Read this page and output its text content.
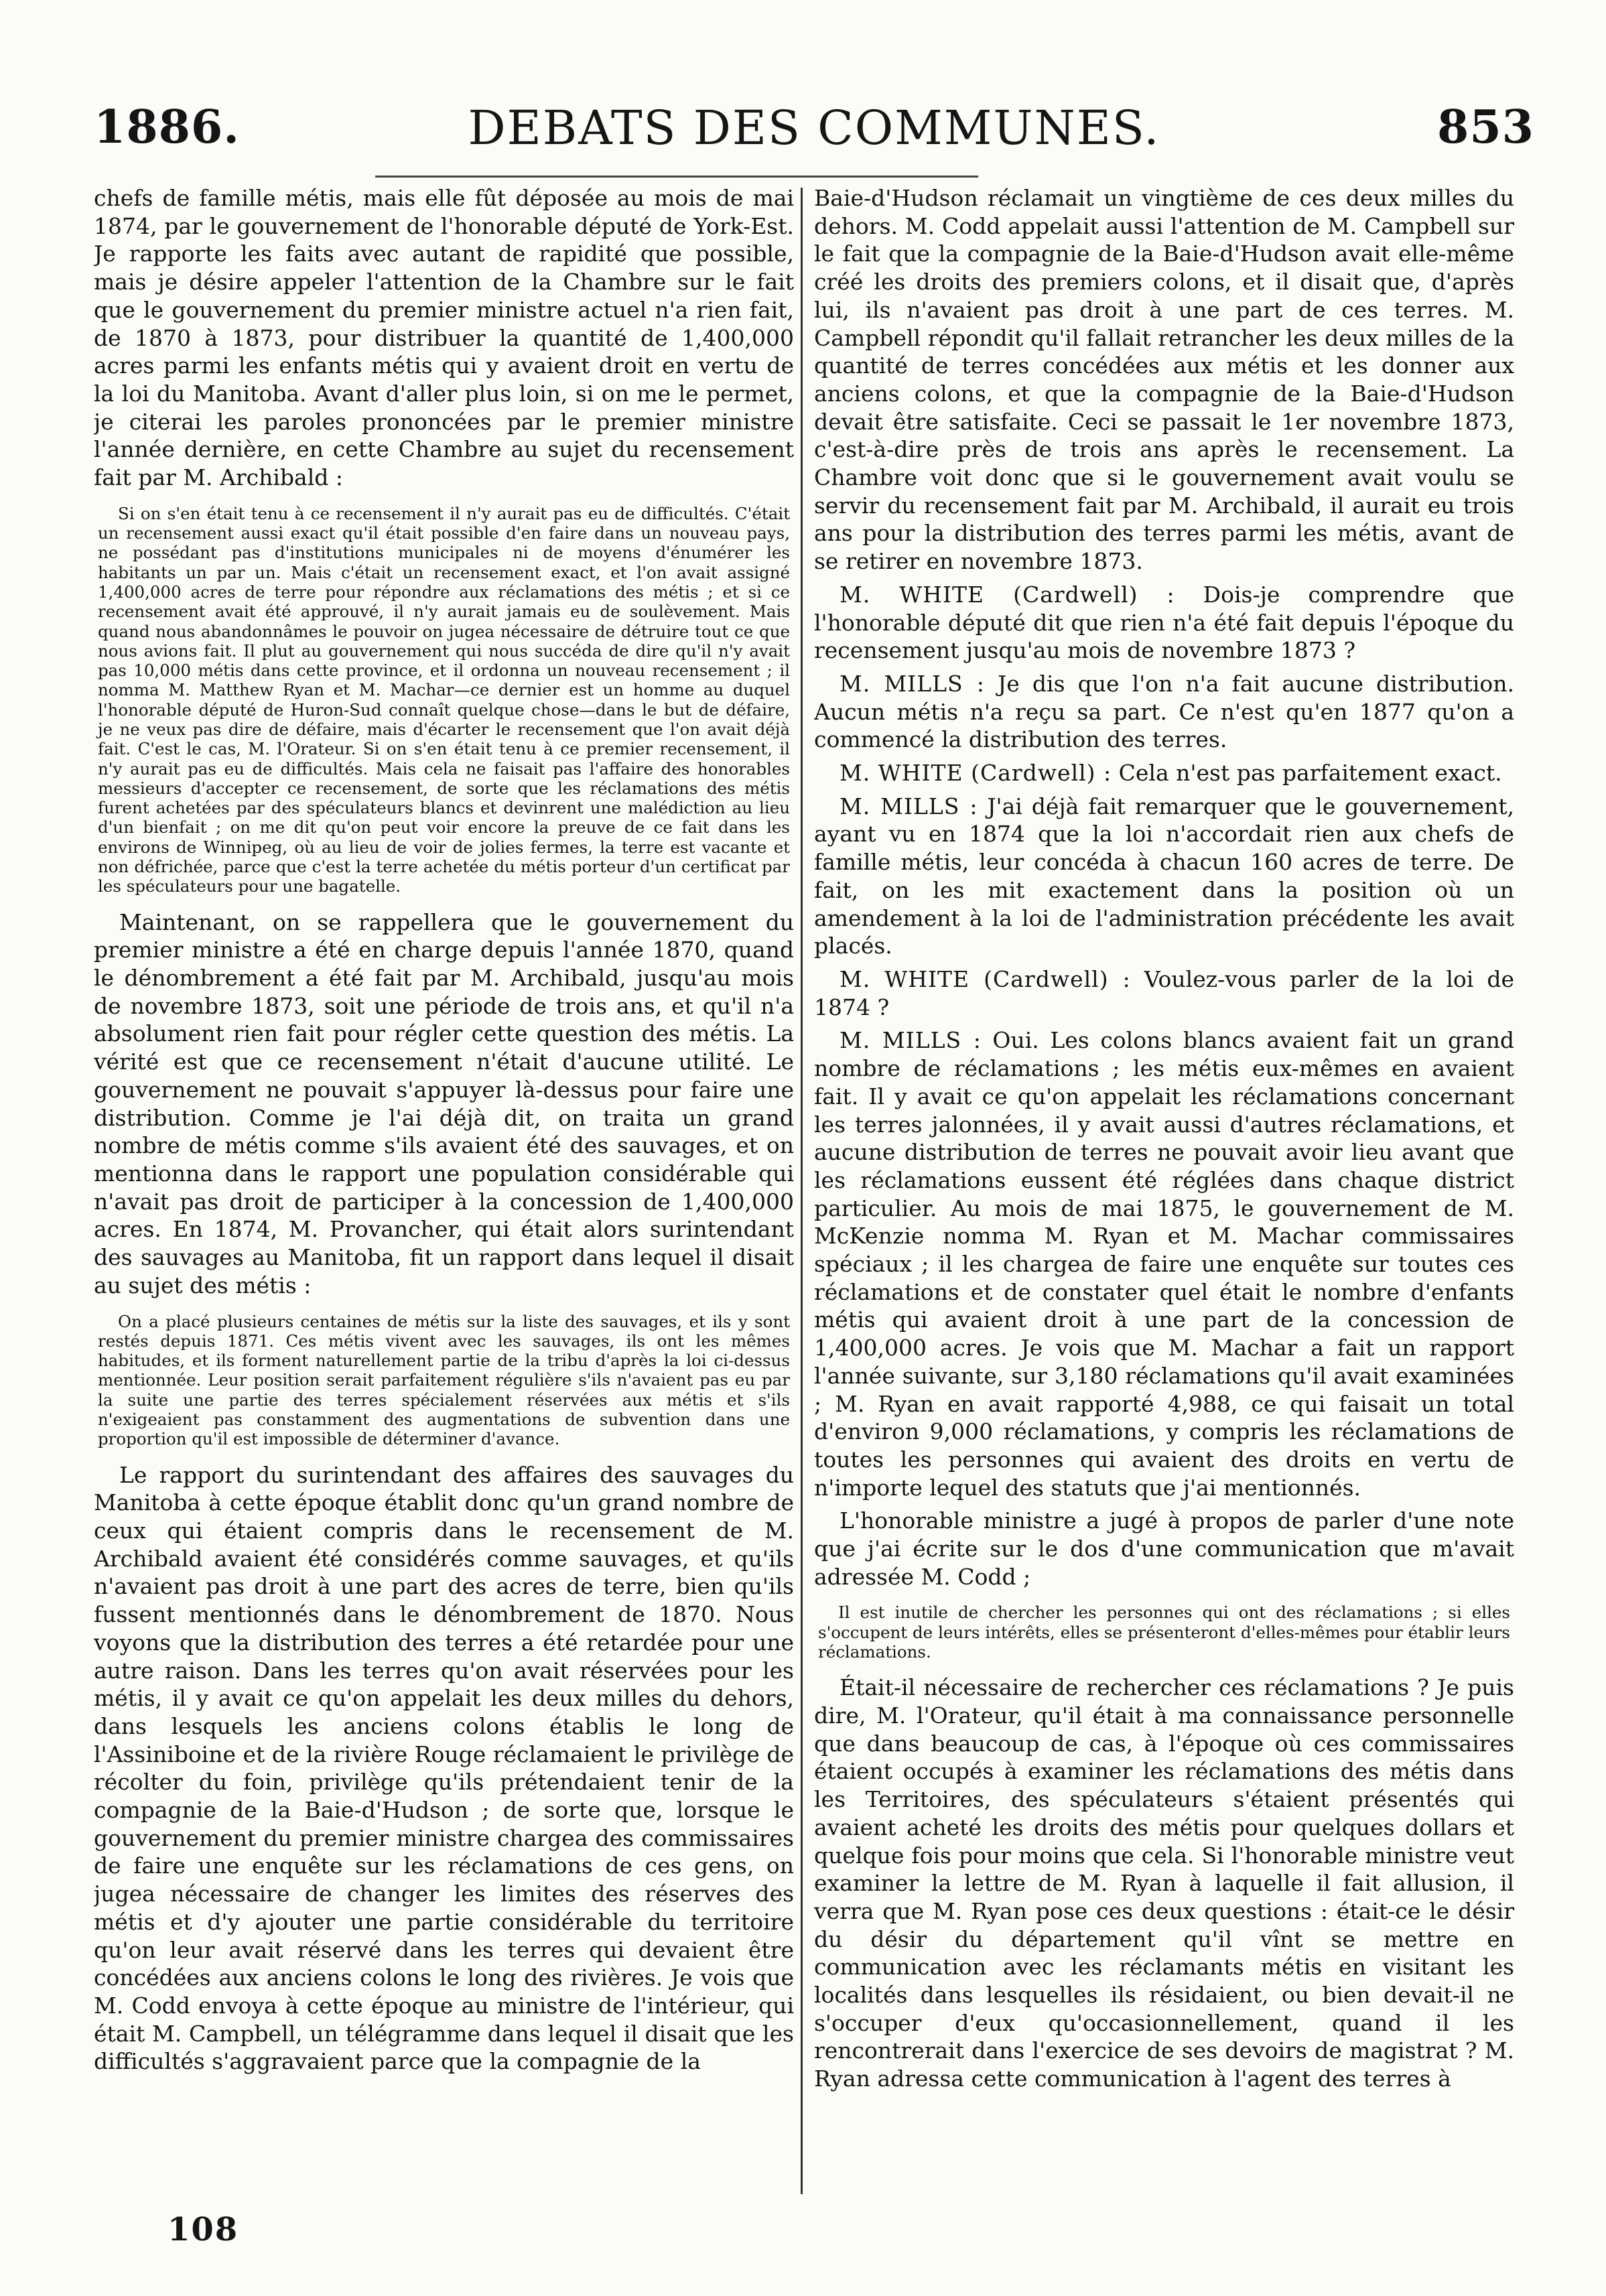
1886.	DEBATS DES COMMUNES.	853

chefs de famille métis, mais elle fût déposée au mois de mai 1874, par le gouvernement de l'honorable député de York-Est. Je rapporte les faits avec autant de rapidité que possible, mais je désire appeler l'attention de la Chambre sur le fait que le gouvernement du premier ministre actuel n'a rien fait, de 1870 à 1873, pour distribuer la quantité de 1,400,000 acres parmi les enfants métis qui y avaient droit en vertu de la loi du Manitoba. Avant d'aller plus loin, si on me le permet, je citerai les paroles prononcées par le premier ministre l'année dernière, en cette Chambre au sujet du recensement fait par M. Archibald :

Si on s'en était tenu à ce recensement il n'y aurait pas eu de difficultés. C'était un recensement aussi exact qu'il était possible d'en faire dans un nouveau pays, ne possédant pas d'institutions municipales ni de moyens d'énumérer les habitants un par un. Mais c'était un recensement exact, et l'on avait assigné 1,400,000 acres de terre pour répondre aux réclamations des métis ; et si ce recensement avait été approuvé, il n'y aurait jamais eu de soulèvement. Mais quand nous abandonnâmes le pouvoir on jugea nécessaire de détruire tout ce que nous avions fait. Il plut au gouvernement qui nous succéda de dire qu'il n'y avait pas 10,000 métis dans cette province, et il ordonna un nouveau recensement ; il nomma M. Matthew Ryan et M. Machar—ce dernier est un homme au duquel l'honorable député de Huron-Sud connaît quelque chose—dans le but de défaire, je ne veux pas dire de défaire, mais d'écarter le recensement que l'on avait déjà fait. C'est le cas, M. l'Orateur. Si on s'en était tenu à ce premier recensement, il n'y aurait pas eu de difficultés. Mais cela ne faisait pas l'affaire des honorables messieurs d'accepter ce recensement, de sorte que les réclamations des métis furent achetées par des spéculateurs blancs et devinrent une malédiction au lieu d'un bienfait ; on me dit qu'on peut voir encore la preuve de ce fait dans les environs de Winnipeg, où au lieu de voir de jolies fermes, la terre est vacante et non défrichée, parce que c'est la terre achetée du métis porteur d'un certificat par les spéculateurs pour une bagatelle.

Maintenant, on se rappellera que le gouvernement du premier ministre a été en charge depuis l'année 1870, quand le dénombrement a été fait par M. Archibald, jusqu'au mois de novembre 1873, soit une période de trois ans, et qu'il n'a absolument rien fait pour régler cette question des métis. La vérité est que ce recensement n'était d'aucune utilité. Le gouvernement ne pouvait s'appuyer là-dessus pour faire une distribution. Comme je l'ai déjà dit, on traita un grand nombre de métis comme s'ils avaient été des sauvages, et on mentionna dans le rapport une population considérable qui n'avait pas droit de participer à la concession de 1,400,000 acres. En 1874, M. Provancher, qui était alors surintendant des sauvages au Manitoba, fit un rapport dans lequel il disait au sujet des métis :

On a placé plusieurs centaines de métis sur la liste des sauvages, et ils y sont restés depuis 1871. Ces métis vivent avec les sauvages, ils ont les mêmes habitudes, et ils forment naturellement partie de la tribu d'après la loi ci-dessus mentionnée. Leur position serait parfaitement régulière s'ils n'avaient pas eu par la suite une partie des terres spécialement réservées aux métis et s'ils n'exigeaient pas constamment des augmentations de subvention dans une proportion qu'il est impossible de déterminer d'avance.

Le rapport du surintendant des affaires des sauvages du Manitoba à cette époque établit donc qu'un grand nombre de ceux qui étaient compris dans le recensement de M. Archibald avaient été considérés comme sauvages, et qu'ils n'avaient pas droit à une part des acres de terre, bien qu'ils fussent mentionnés dans le dénombrement de 1870. Nous voyons que la distribution des terres a été retardée pour une autre raison. Dans les terres qu'on avait réservées pour les métis, il y avait ce qu'on appelait les deux milles du dehors, dans lesquels les anciens colons établis le long de l'Assiniboine et de la rivière Rouge réclamaient le privilège de récolter du foin, privilège qu'ils prétendaient tenir de la compagnie de la Baie-d'Hudson ; de sorte que, lorsque le gouvernement du premier ministre chargea des commissaires de faire une enquête sur les réclamations de ces gens, on jugea nécessaire de changer les limites des réserves des métis et d'y ajouter une partie considérable du territoire qu'on leur avait réservé dans les terres qui devaient être concédées aux anciens colons le long des rivières. Je vois que M. Codd envoya à cette époque au ministre de l'intérieur, qui était M. Campbell, un télégramme dans lequel il disait que les difficultés s'aggravaient parce que la compagnie de la

Baie-d'Hudson réclamait un vingtième de ces deux milles du dehors. M. Codd appelait aussi l'attention de M. Campbell sur le fait que la compagnie de la Baie-d'Hudson avait elle-même créé les droits des premiers colons, et il disait que, d'après lui, ils n'avaient pas droit à une part de ces terres. M. Campbell répondit qu'il fallait retrancher les deux milles de la quantité de terres concédées aux métis et les donner aux anciens colons, et que la compagnie de la Baie-d'Hudson devait être satisfaite. Ceci se passait le 1er novembre 1873, c'est-à-dire près de trois ans après le recensement. La Chambre voit donc que si le gouvernement avait voulu se servir du recensement fait par M. Archibald, il aurait eu trois ans pour la distribution des terres parmi les métis, avant de se retirer en novembre 1873.

M. WHITE (Cardwell) : Dois-je comprendre que l'honorable député dit que rien n'a été fait depuis l'époque du recensement jusqu'au mois de novembre 1873 ?

M. MILLS : Je dis que l'on n'a fait aucune distribution. Aucun métis n'a reçu sa part. Ce n'est qu'en 1877 qu'on a commencé la distribution des terres.

M. WHITE (Cardwell) : Cela n'est pas parfaitement exact.

M. MILLS : J'ai déjà fait remarquer que le gouvernement, ayant vu en 1874 que la loi n'accordait rien aux chefs de famille métis, leur concéda à chacun 160 acres de terre. De fait, on les mit exactement dans la position où un amendement à la loi de l'administration précédente les avait placés.

M. WHITE (Cardwell) : Voulez-vous parler de la loi de 1874 ?

M. MILLS : Oui. Les colons blancs avaient fait un grand nombre de réclamations ; les métis eux-mêmes en avaient fait. Il y avait ce qu'on appelait les réclamations concernant les terres jalonnées, il y avait aussi d'autres réclamations, et aucune distribution de terres ne pouvait avoir lieu avant que les réclamations eussent été réglées dans chaque district particulier. Au mois de mai 1875, le gouvernement de M. McKenzie nomma M. Ryan et M. Machar commissaires spéciaux ; il les chargea de faire une enquête sur toutes ces réclamations et de constater quel était le nombre d'enfants métis qui avaient droit à une part de la concession de 1,400,000 acres. Je vois que M. Machar a fait un rapport l'année suivante, sur 3,180 réclamations qu'il avait examinées ; M. Ryan en avait rapporté 4,988, ce qui faisait un total d'environ 9,000 réclamations, y compris les réclamations de toutes les personnes qui avaient des droits en vertu de n'importe lequel des statuts que j'ai mentionnés.

L'honorable ministre a jugé à propos de parler d'une note que j'ai écrite sur le dos d'une communication que m'avait adressée M. Codd ;

Il est inutile de chercher les personnes qui ont des réclamations ; si elles s'occupent de leurs intérêts, elles se présenteront d'elles-mêmes pour établir leurs réclamations.

Était-il nécessaire de rechercher ces réclamations ? Je puis dire, M. l'Orateur, qu'il était à ma connaissance personnelle que dans beaucoup de cas, à l'époque où ces commissaires étaient occupés à examiner les réclamations des métis dans les Territoires, des spéculateurs s'étaient présentés qui avaient acheté les droits des métis pour quelques dollars et quelque fois pour moins que cela. Si l'honorable ministre veut examiner la lettre de M. Ryan à laquelle il fait allusion, il verra que M. Ryan pose ces deux questions : était-ce le désir du désir du département qu'il vînt se mettre en communication avec les réclamants métis en visitant les localités dans lesquelles ils résidaient, ou bien devait-il ne s'occuper d'eux qu'occasionnellement, quand il les rencontrerait dans l'exercice de ses devoirs de magistrat ? M. Ryan adressa cette communication à l'agent des terres à

108
